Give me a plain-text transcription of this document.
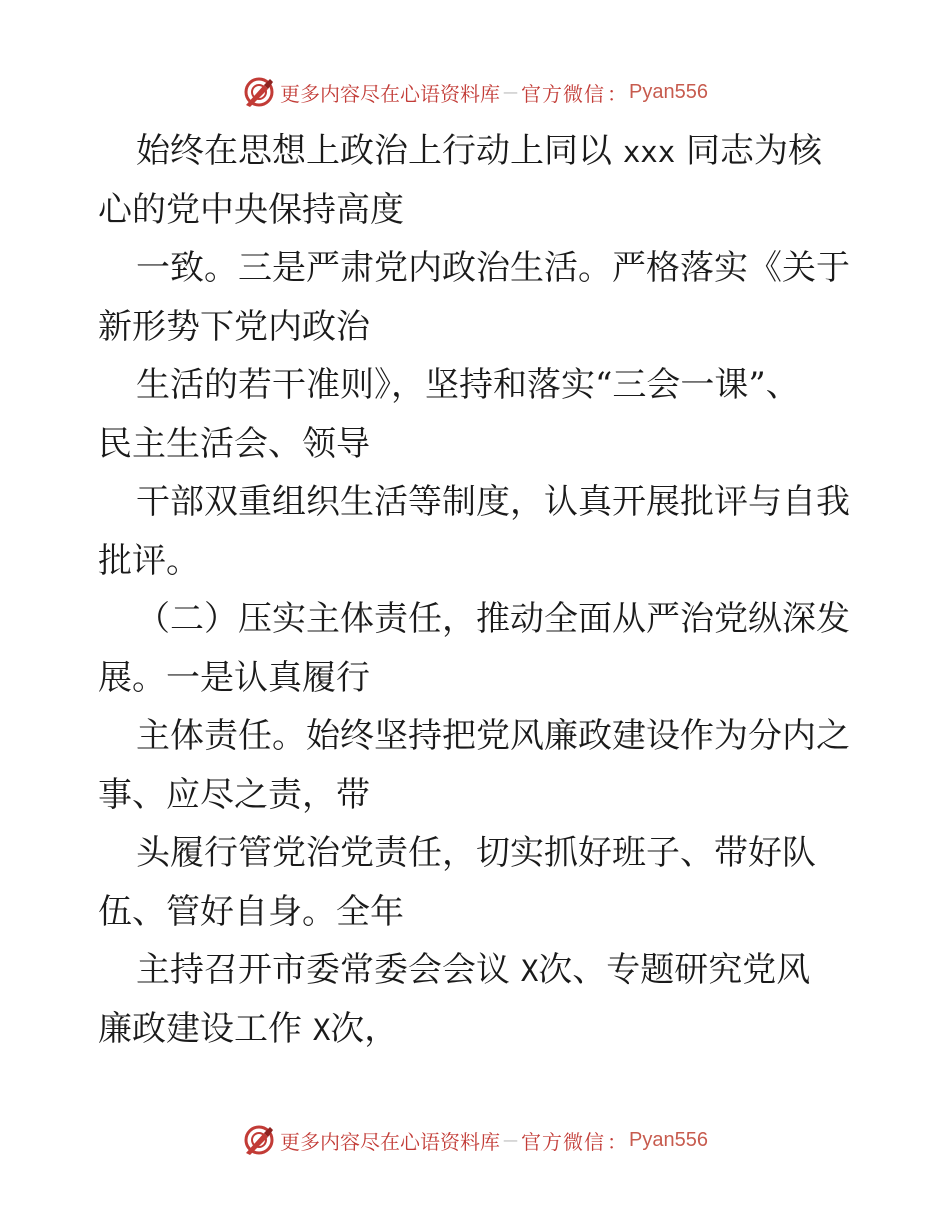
更多内容尽在心语资料库 — 官方微信 ： Pyan556
始终在思想上政治上行动上同以 xxx 同志为核
心的党中央保持高度
一致。三是严肃党内政治生活。严格落实《关于
新形势下党内政治
生活的若干准则》，坚持和落实“三会一课”、
民主生活会、领导
干部双重组织生活等制度，认真开展批评与自我
批评。
（二）压实主体责任，推动全面从严治党纵深发
展。一是认真履行
主体责任。始终坚持把党风廉政建设作为分内之
事、应尽之责，带
头履行管党治党责任，切实抓好班子、带好队
伍、管好自身。全年
主持召开市委常委会会议 X次、专题研究党风
廉政建设工作 X次，
更多内容尽在心语资料库 — 官方微信 ： Pyan556
